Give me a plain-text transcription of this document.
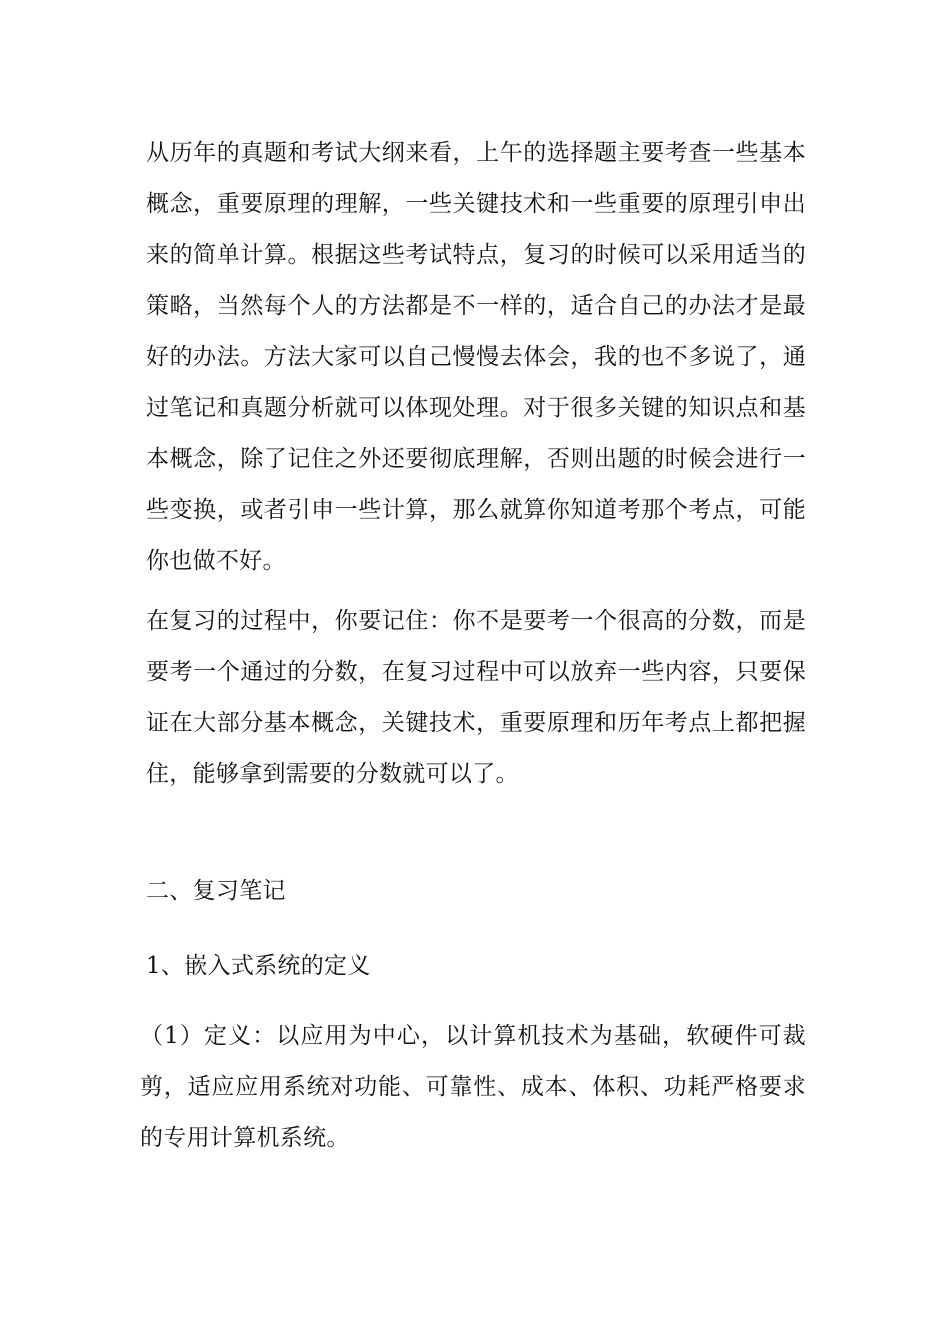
从历年的真题和考试大纲来看，上午的选择题主要考查一些基本概念，重要原理的理解，一些关键技术和一些重要的原理引申出来的简单计算。根据这些考试特点，复习的时候可以采用适当的策略，当然每个人的方法都是不一样的，适合自己的办法才是最好的办法。方法大家可以自己慢慢去体会，我的也不多说了，通过笔记和真题分析就可以体现处理。对于很多关键的知识点和基本概念，除了记住之外还要彻底理解，否则出题的时候会进行一些变换，或者引申一些计算，那么就算你知道考那个考点，可能你也做不好。

在复习的过程中，你要记住：你不是要考一个很高的分数，而是要考一个通过的分数，在复习过程中可以放弃一些内容，只要保证在大部分基本概念，关键技术，重要原理和历年考点上都把握住，能够拿到需要的分数就可以了。

二、复习笔记

1、嵌入式系统的定义

（1）定义：以应用为中心，以计算机技术为基础，软硬件可裁剪，适应应用系统对功能、可靠性、成本、体积、功耗严格要求的专用计算机系统。
